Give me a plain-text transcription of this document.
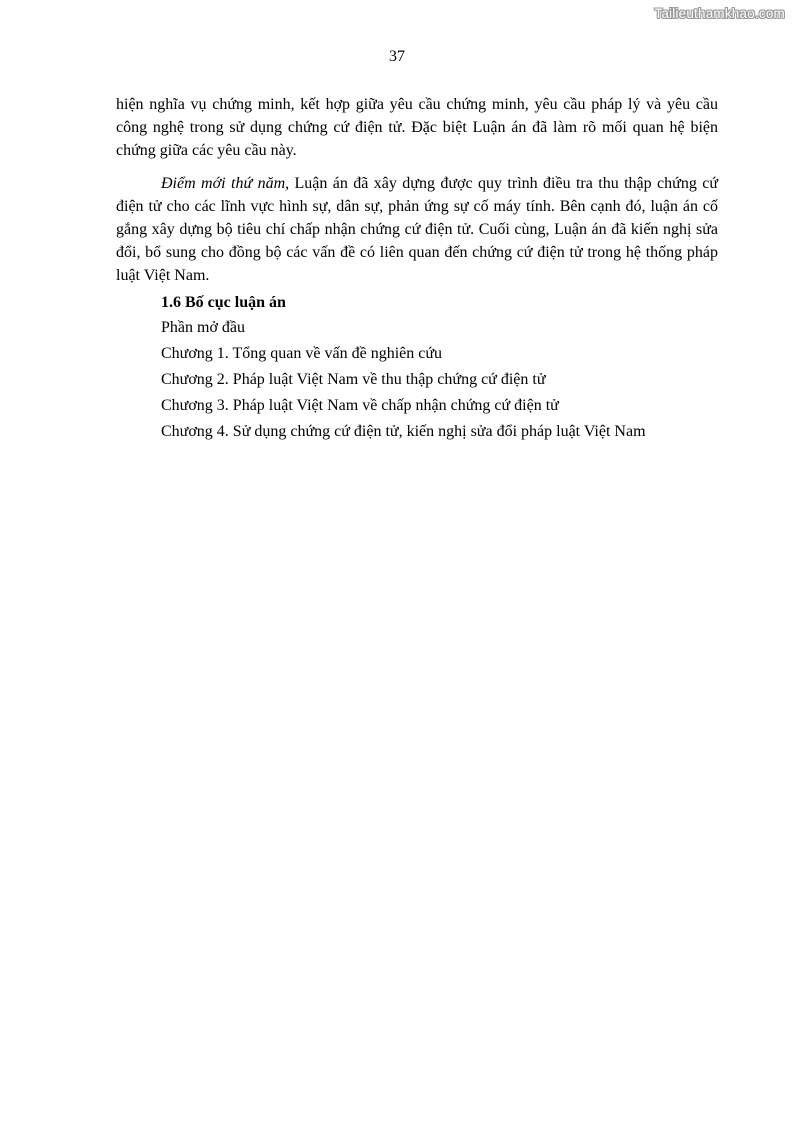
Tailieuthamkhao.com
37

hiện nghĩa vụ chứng minh, kết hợp giữa yêu cầu chứng minh, yêu cầu pháp lý và yêu cầu công nghệ trong sử dụng chứng cứ điện tử. Đặc biệt Luận án đã làm rõ mối quan hệ biện chứng giữa các yêu cầu này.

Điểm mới thứ năm, Luận án đã xây dựng được quy trình điều tra thu thập chứng cứ điện tử cho các lĩnh vực hình sự, dân sự, phản ứng sự cố máy tính. Bên cạnh đó, luận án cố gắng xây dựng bộ tiêu chí chấp nhận chứng cứ điện tử. Cuối cùng, Luận án đã kiến nghị sửa đổi, bổ sung cho đồng bộ các vấn đề có liên quan đến chứng cứ điện tử trong hệ thống pháp luật Việt Nam.

1.6 Bố cục luận án
Phần mở đầu
Chương 1. Tổng quan về vấn đề nghiên cứu
Chương 2. Pháp luật Việt Nam về thu thập chứng cứ điện tử
Chương 3. Pháp luật Việt Nam về chấp nhận chứng cứ điện tử
Chương 4. Sử dụng chứng cứ điện tử, kiến nghị sửa đổi pháp luật Việt Nam
